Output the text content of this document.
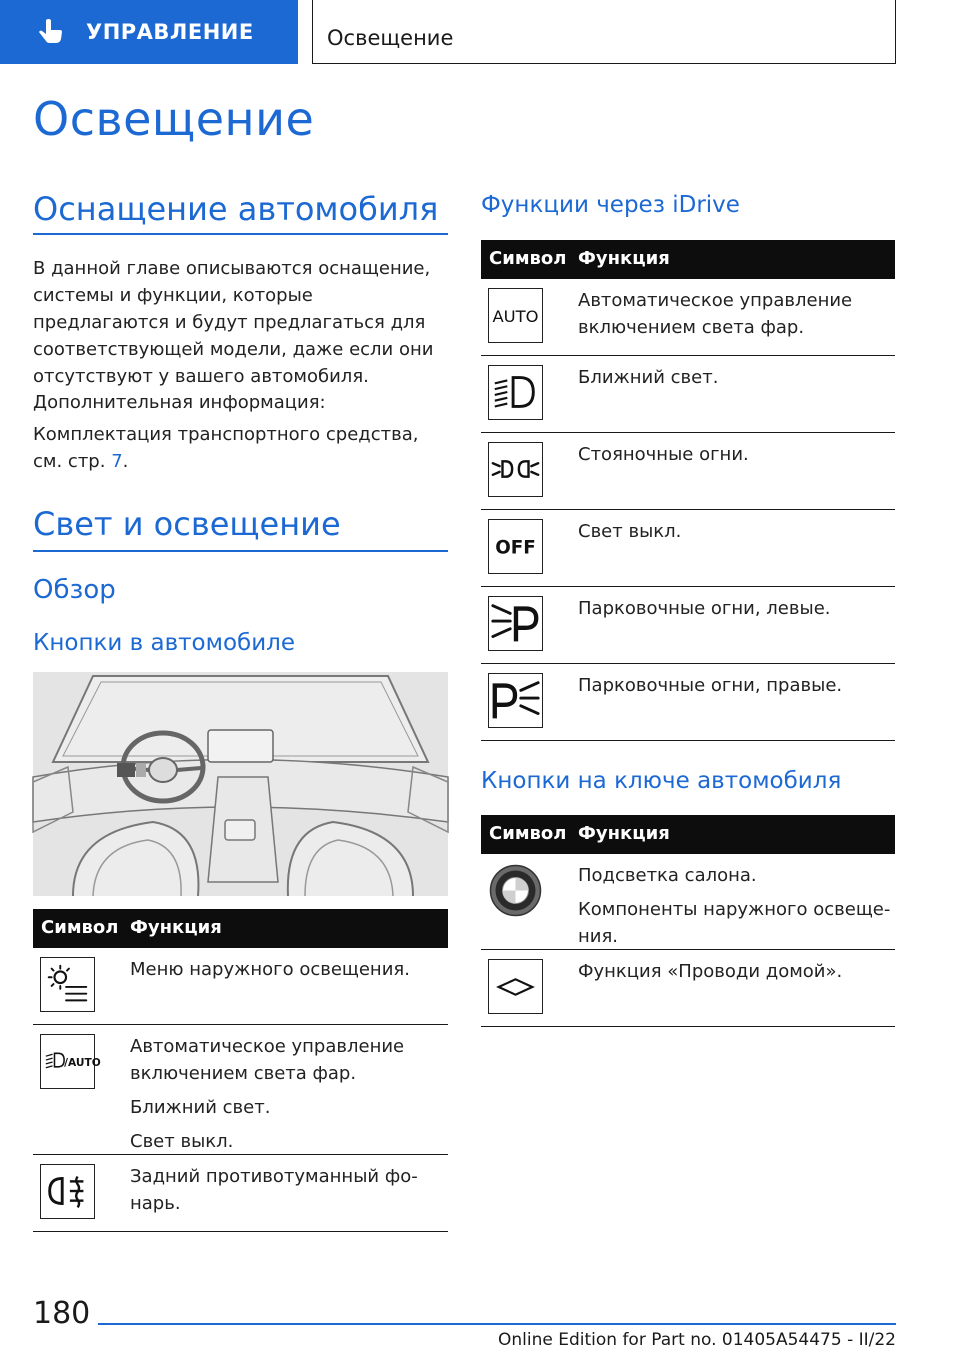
УПРАВЛЕНИЕ	Освещение
Освещение
Оснащение автомобиля
В данной главе описываются оснащение, системы и функции, которые предлагаются и будут предлагаться для соответствующей модели, даже если они отсутствуют у вашего автомобиля.
Дополнительная информация:
Комплектация транспортного средства, см. стр. 7.
Свет и освещение
Обзор
Кнопки в автомобиле
Символ Функция

Меню наружного освещения.

/AUTO

Автоматическое управление включением света фар.

Ближний свет.

Свет выкл.

Задний противотуманный фонарь.

Функции через iDrive
Символ Функция
AUTO

Автоматическое управление включением света фар.

Ближний свет.

Стояночные огни.

OFF

Свет выкл.

Парковочные огни, левые.

Парковочные огни, правые.

Кнопки на ключе автомобиля
Символ Функция

Подсветка салона.

Компоненты наружного освещения.

Функция «Проводи домой».

180
Online Edition for Part no. 01405A54475 - II/22
